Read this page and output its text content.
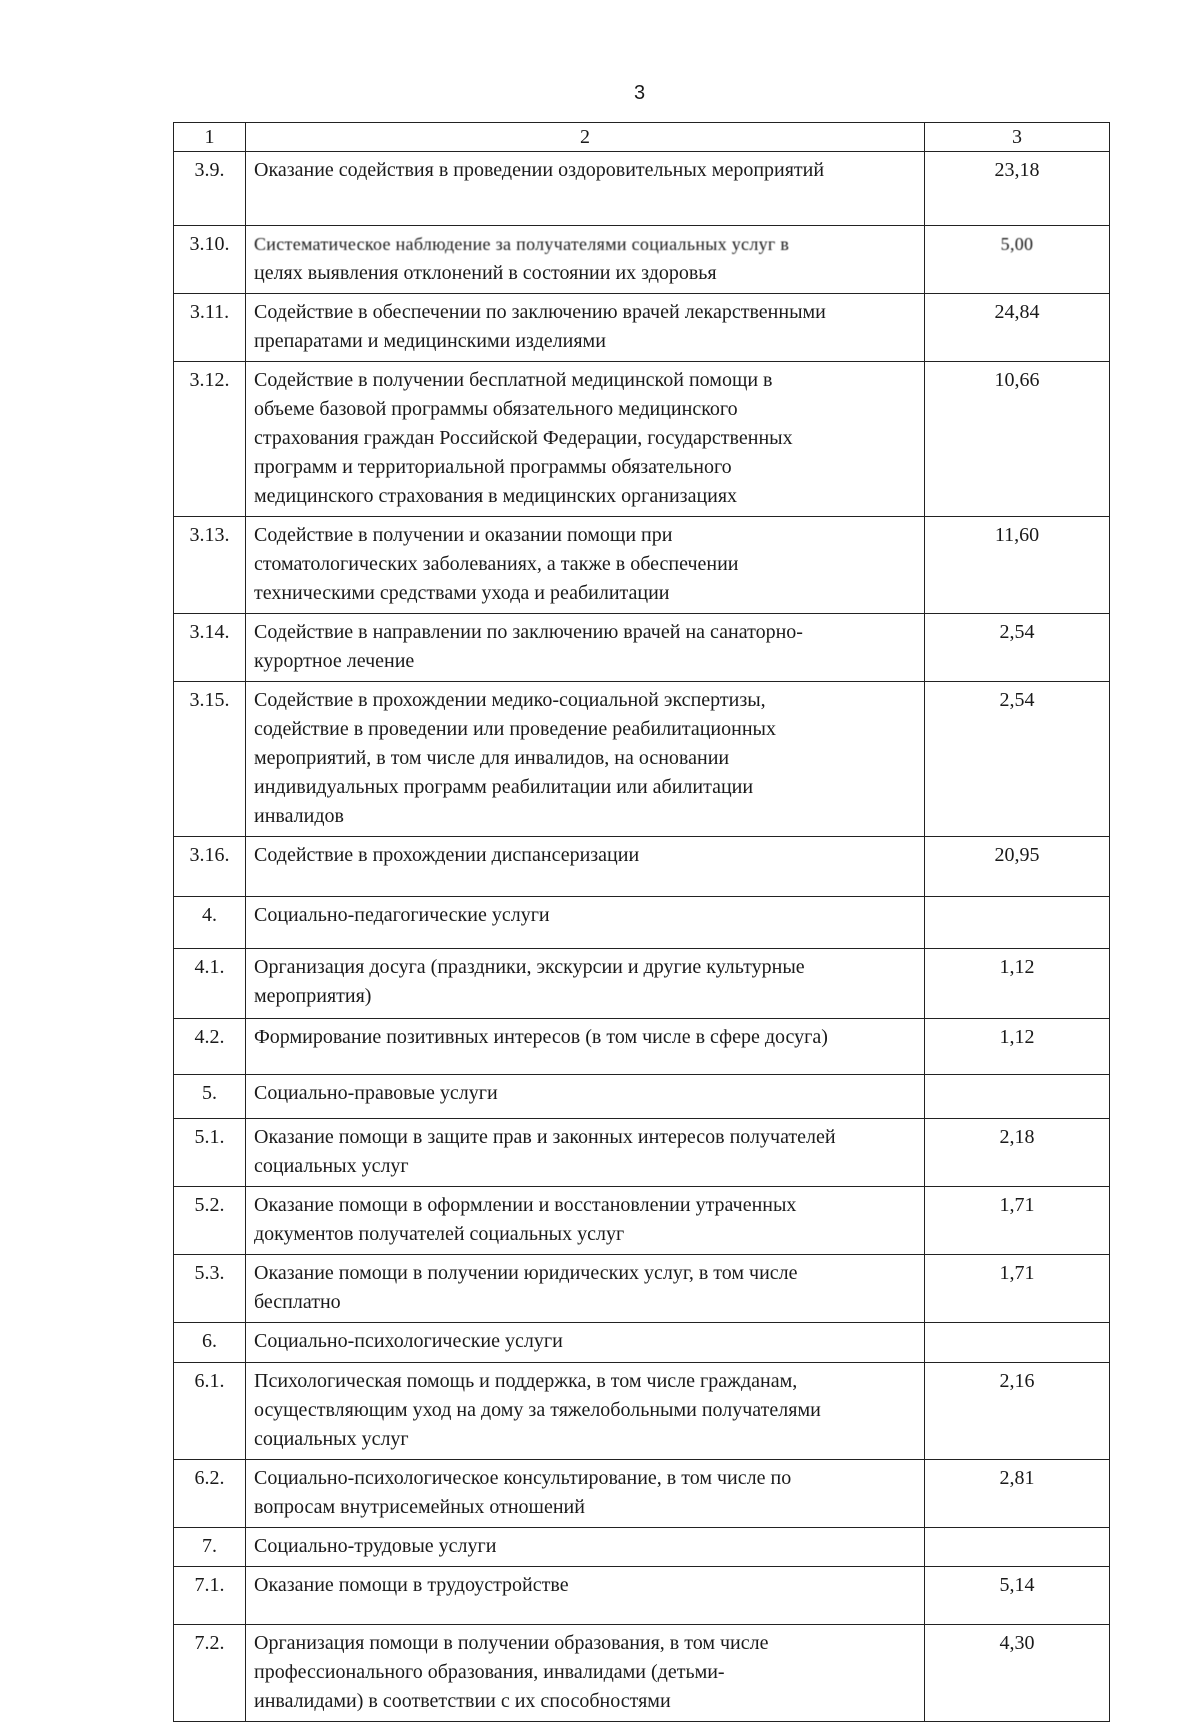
3
1	2	3
3.9.	Оказание содействия в проведении оздоровительных мероприятий	23,18
3.10.	Систематическое наблюдение за получателями социальных услуг в
целях выявления отклонений в состоянии их здоровья	5,00
3.11.	Содействие в обеспечении по заключению врачей лекарственными
препаратами и медицинскими изделиями	24,84
3.12.	Содействие в получении бесплатной медицинской помощи в
объеме базовой программы обязательного медицинского
страхования граждан Российской Федерации, государственных
программ и территориальной программы обязательного
медицинского страхования в медицинских организациях	10,66
3.13.	Содействие в получении и оказании помощи при
стоматологических заболеваниях, а также в обеспечении
техническими средствами ухода и реабилитации	11,60
3.14.	Содействие в направлении по заключению врачей на санаторно-
курортное лечение	2,54
3.15.	Содействие в прохождении медико-социальной экспертизы,
содействие в проведении или проведение реабилитационных
мероприятий, в том числе для инвалидов, на основании
индивидуальных программ реабилитации или абилитации
инвалидов	2,54
3.16.	Содействие в прохождении диспансеризации	20,95
4.	Социально-педагогические услуги	

4.1.	Организация досуга (праздники, экскурсии и другие культурные
мероприятия)	1,12
4.2.	Формирование позитивных интересов (в том числе в сфере досуга)	1,12
5.	Социально-правовые услуги	

5.1.	Оказание помощи в защите прав и законных интересов получателей
социальных услуг	2,18
5.2.	Оказание помощи в оформлении и восстановлении утраченных
документов получателей социальных услуг	1,71
5.3.	Оказание помощи в получении юридических услуг, в том числе
бесплатно	1,71
6.	Социально-психологические услуги	

6.1.	Психологическая помощь и поддержка, в том числе гражданам,
осуществляющим уход на дому за тяжелобольными получателями
социальных услуг	2,16
6.2.	Социально-психологическое консультирование, в том числе по
вопросам внутрисемейных отношений	2,81
7.	Социально-трудовые услуги	

7.1.	Оказание помощи в трудоустройстве	5,14
7.2.	Организация помощи в получении образования, в том числе
профессионального образования, инвалидами (детьми-
инвалидами) в соответствии с их способностями	4,30
